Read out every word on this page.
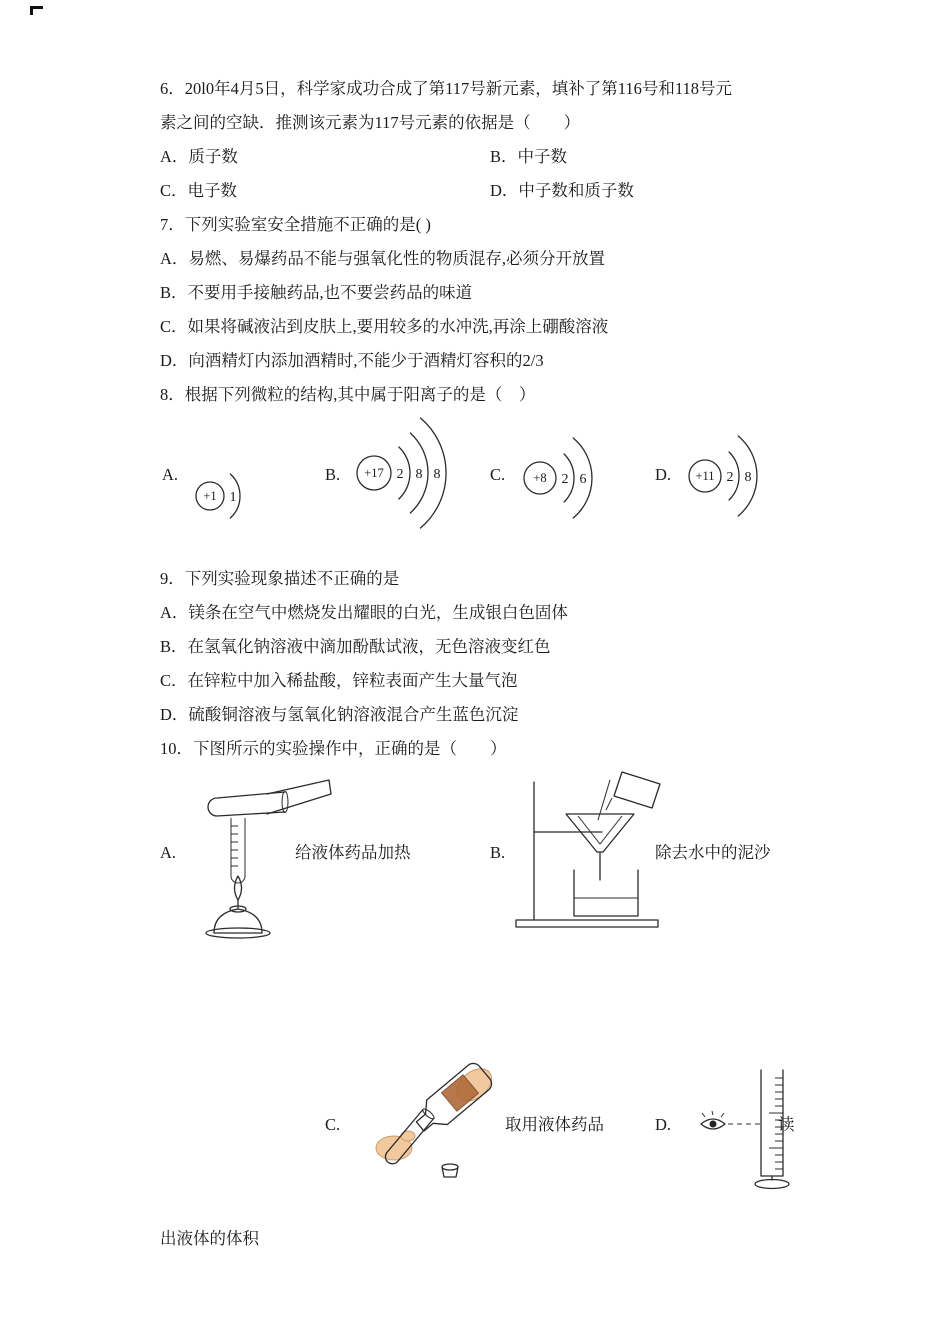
6．20l0年4月5日，科学家成功合成了第117号新元素，填补了第116号和118号元
素之间的空缺．推测该元素为117号元素的依据是（　　）
A．质子数	B．中子数
C．电子数	D．中子数和质子数
7．下列实验室安全措施不正确的是( )
A．易燃、易爆药品不能与强氧化性的物质混存,必须分开放置
B．不要用手接触药品,也不要尝药品的味道
C．如果将碱液沾到皮肤上,要用较多的水冲洗,再涂上硼酸溶液
D．向酒精灯内添加酒精时,不能少于酒精灯容积的2/3
8．根据下列微粒的结构,其中属于阳离子的是（　）
A.
+1 1
B. +17 2 8 8	C. +8 2 6	D. +11 2 8
9．下列实验现象描述不正确的是
A．镁条在空气中燃烧发出耀眼的白光，生成银白色固体
B．在氢氧化钠溶液中滴加酚酞试液，无色溶液变红色
C．在锌粒中加入稀盐酸，锌粒表面产生大量气泡
D．硫酸铜溶液与氢氧化钠溶液混合产生蓝色沉淀
10．下图所示的实验操作中，正确的是（　　）
A.	给液体药品加热	B.	除去水中的泥沙
C.	取用液体药品	D.	读
出液体的体积
